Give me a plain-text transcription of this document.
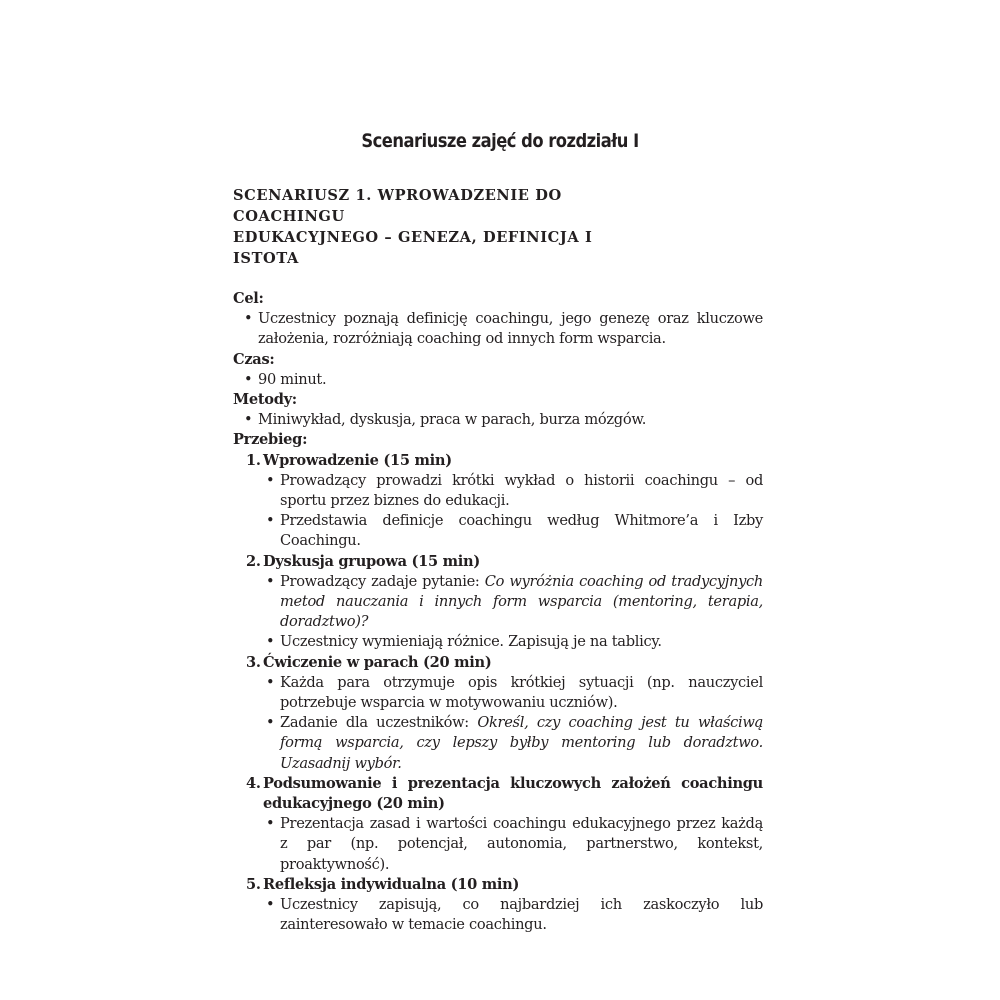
Scenariusze zajęć do rozdziału I
SCENARIUSZ 1. WPROWADZENIE DO COACHINGU
EDUKACYJNEGO – GENEZA, DEFINICJA I ISTOTA
Cel:
• Uczestnicy poznają definicję coachingu, jego genezę oraz kluczowe założenia, rozróżniają coaching od innych form wsparcia.
Czas:
• 90 minut.
Metody:
• Miniwykład, dyskusja, praca w parach, burza mózgów.
Przebieg:
1. Wprowadzenie (15 min)
• Prowadzący prowadzi krótki wykład o historii coachingu – od sportu przez biznes do edukacji.
• Przedstawia definicje coachingu według Whitmore’a i Izby Coachingu.
2. Dyskusja grupowa (15 min)
• Prowadzący zadaje pytanie: Co wyróżnia coaching od tradycyjnych metod nauczania i innych form wsparcia (mentoring, terapia, doradztwo)?
• Uczestnicy wymieniają różnice. Zapisują je na tablicy.
3. Ćwiczenie w parach (20 min)
• Każda para otrzymuje opis krótkiej sytuacji (np. nauczyciel potrzebuje wsparcia w motywowaniu uczniów).
• Zadanie dla uczestników: Określ, czy coaching jest tu właściwą formą wsparcia, czy lepszy byłby mentoring lub doradztwo. Uzasadnij wybór.
4. Podsumowanie i prezentacja kluczowych założeń coachingu edukacyjnego (20 min)
• Prezentacja zasad i wartości coachingu edukacyjnego przez każdą z par (np. potencjał, autonomia, partnerstwo, kontekst, proaktywność).
5. Refleksja indywidualna (10 min)
• Uczestnicy zapisują, co najbardziej ich zaskoczyło lub zainteresowało w temacie coachingu.
